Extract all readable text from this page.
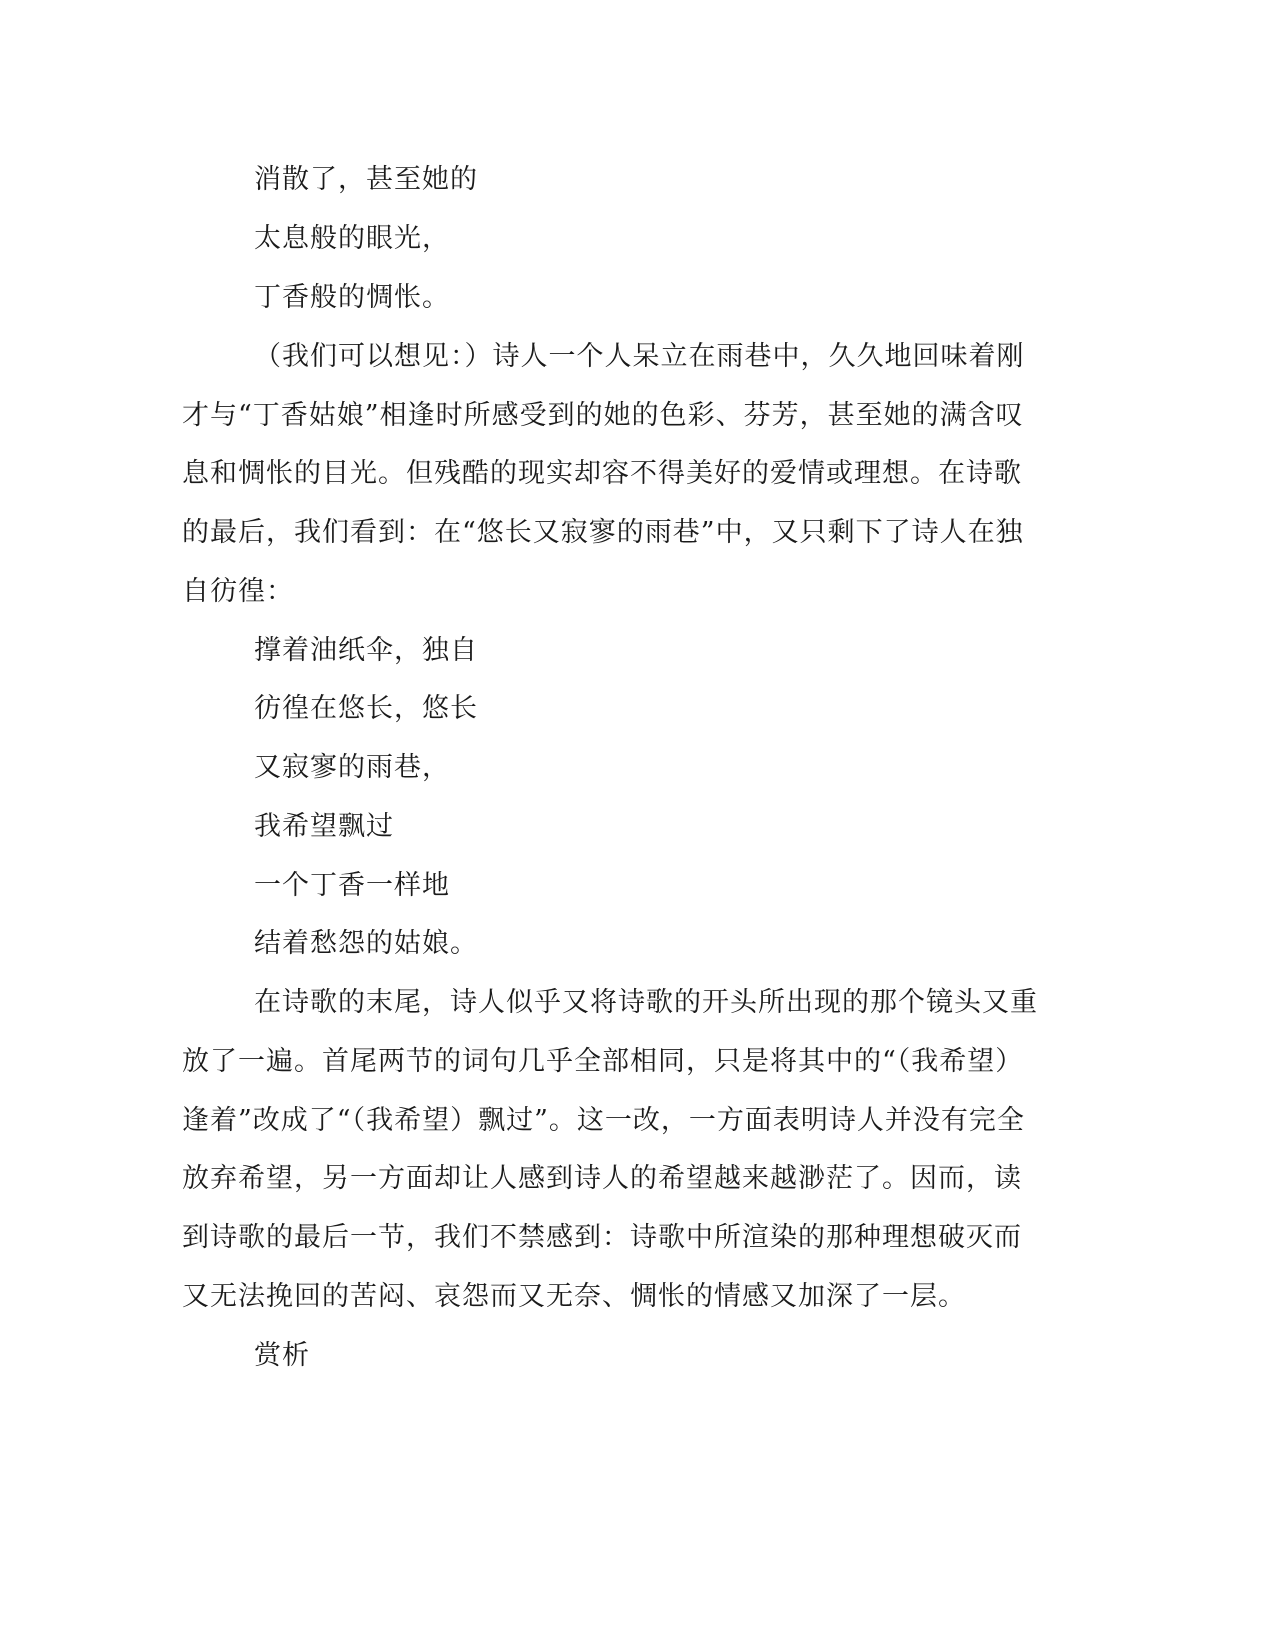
消散了，甚至她的
太息般的眼光，
丁香般的惆怅。
（我们可以想见：）诗人一个人呆立在雨巷中，久久地回味着刚
才与“丁香姑娘”相逢时所感受到的她的色彩、芬芳，甚至她的满含叹
息和惆怅的目光。但残酷的现实却容不得美好的爱情或理想。在诗歌
的最后，我们看到：在“悠长又寂寥的雨巷”中，又只剩下了诗人在独
自彷徨：
撑着油纸伞，独自
彷徨在悠长，悠长
又寂寥的雨巷，
我希望飘过
一个丁香一样地
结着愁怨的姑娘。
在诗歌的末尾，诗人似乎又将诗歌的开头所出现的那个镜头又重
放了一遍。首尾两节的词句几乎全部相同，只是将其中的“（我希望）
逢着”改成了“（我希望）飘过”。这一改，一方面表明诗人并没有完全
放弃希望，另一方面却让人感到诗人的希望越来越渺茫了。因而，读
到诗歌的最后一节，我们不禁感到：诗歌中所渲染的那种理想破灭而
又无法挽回的苦闷、哀怨而又无奈、惆怅的情感又加深了一层。
赏析
